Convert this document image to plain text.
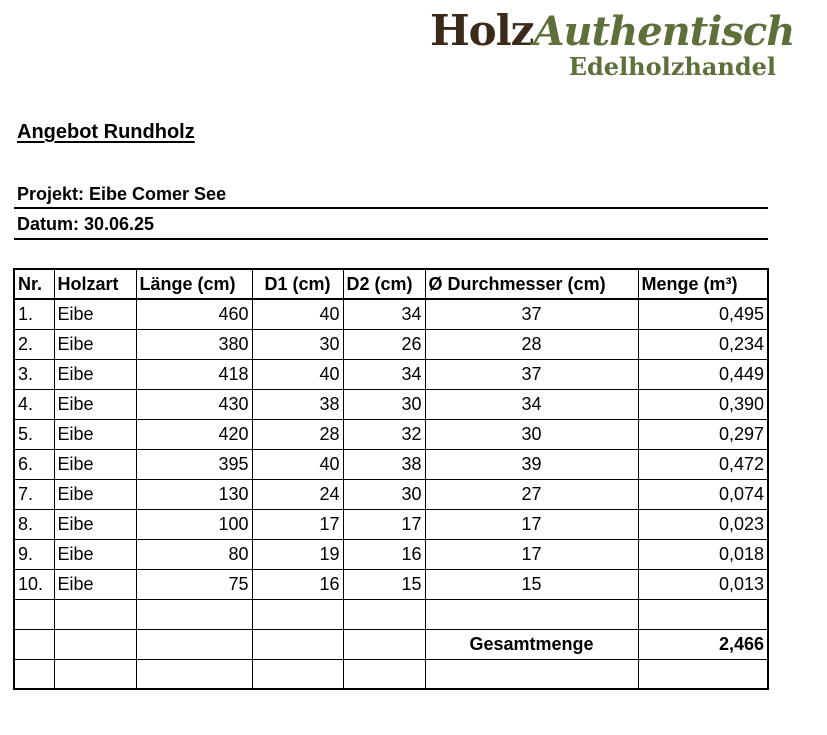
HolzAuthentisch
Edelholzhandel
Angebot Rundholz
Projekt: Eibe Comer See
Datum: 30.06.25
Nr.	Holzart	Länge (cm)	D1 (cm)	D2 (cm)	Ø Durchmesser (cm)	Menge (m³)
1.	Eibe	460	40	34	37	0,495
2.	Eibe	380	30	26	28	0,234
3.	Eibe	418	40	34	37	0,449
4.	Eibe	430	38	30	34	0,390
5.	Eibe	420	28	32	30	0,297
6.	Eibe	395	40	38	39	0,472
7.	Eibe	130	24	30	27	0,074
8.	Eibe	100	17	17	17	0,023
9.	Eibe	80	19	16	17	0,018
10.	Eibe	75	16	15	15	0,013

					Gesamtmenge	2,466
